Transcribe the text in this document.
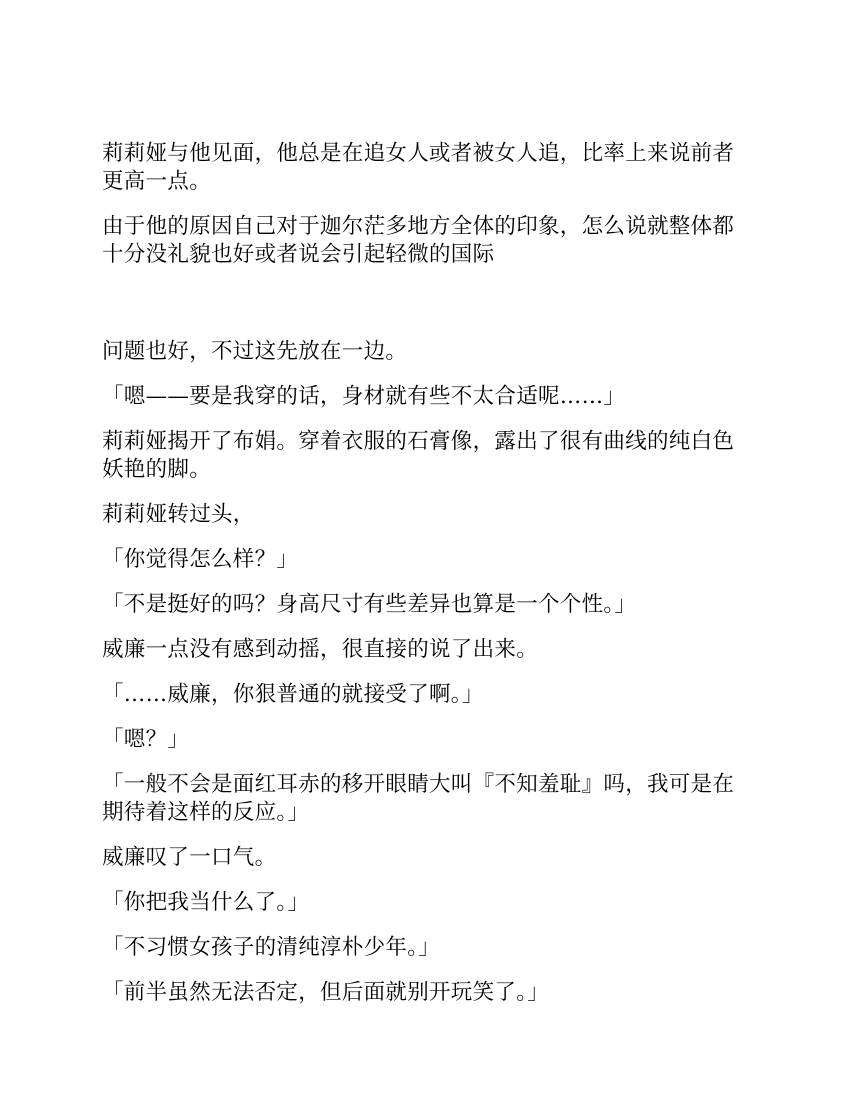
莉莉娅与他见面，他总是在追女人或者被女人追，比率上来说前者更高一点。

由于他的原因自己对于迦尔茫多地方全体的印象，怎么说就整体都十分没礼貌也好或者说会引起轻微的国际

问题也好，不过这先放在一边。

「嗯——要是我穿的话，身材就有些不太合适呢……」

莉莉娅揭开了布娟。穿着衣服的石膏像，露出了很有曲线的纯白色妖艳的脚。

莉莉娅转过头，

「你觉得怎么样？」

「不是挺好的吗？身高尺寸有些差异也算是一个个性。」

威廉一点没有感到动摇，很直接的说了出来。

「……威廉，你狠普通的就接受了啊。」

「嗯？」

「一般不会是面红耳赤的移开眼睛大叫『不知羞耻』吗，我可是在期待着这样的反应。」

威廉叹了一口气。

「你把我当什么了。」

「不习惯女孩子的清纯淳朴少年。」

「前半虽然无法否定，但后面就别开玩笑了。」
